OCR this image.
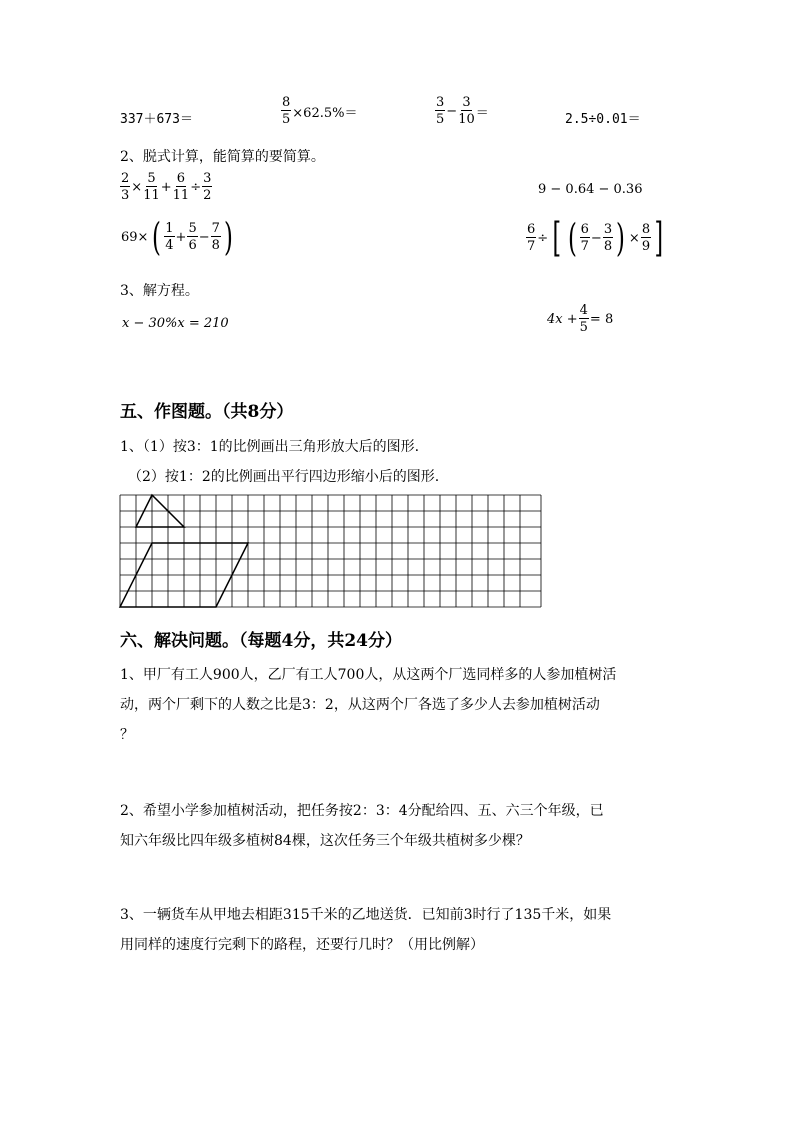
337＋673＝	$\frac{8}{5} \times 62.5\%=$	$\frac{3}{5} - \frac{3}{10}$ ＝	2.5÷0.01＝
2、脱式计算，能简算的要简算。
$\frac{2}{3} \times \frac{5}{11} + \frac{6}{11} \div \frac{3}{2}$	9 − 0.64 − 0.36
69× ( $\frac{1}{4} + \frac{5}{6} - \frac{7}{8}$ )	$\frac{6}{7}$ ÷ [ ( $\frac{6}{7} - \frac{3}{8}$ ) × $\frac{8}{9}$ ]
3、解方程。
x − 30%x = 210	$4x + \frac{4}{5} = 8$
五、作图题。（共8分）
1、（1）按3：1的比例画出三角形放大后的图形.
（2）按1：2的比例画出平行四边形缩小后的图形.
六、解决问题。（每题4分，共24分）
1、甲厂有工人900人，乙厂有工人700人，从这两个厂选同样多的人参加植树活
动，两个厂剩下的人数之比是3：2，从这两个厂各选了多少人去参加植树活动
？
2、希望小学参加植树活动，把任务按2：3：4分配给四、五、六三个年级，已
知六年级比四年级多植树84棵，这次任务三个年级共植树多少棵？
3、一辆货车从甲地去相距315千米的乙地送货．已知前3时行了135千米，如果
用同样的速度行完剩下的路程，还要行几时？（用比例解）
